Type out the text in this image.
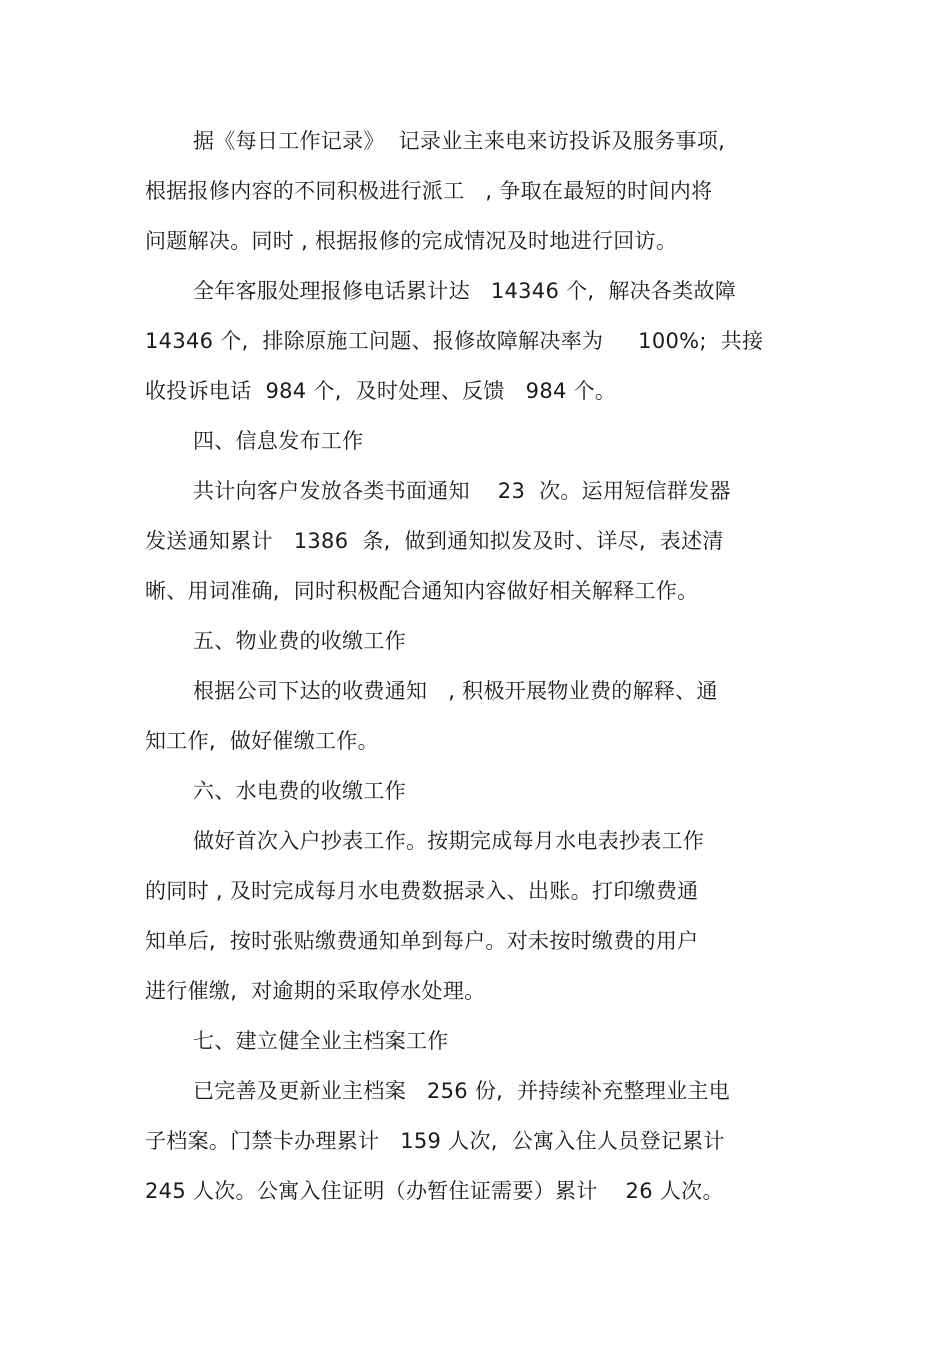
据《每日工作记录》  记录业主来电来访投诉及服务事项,
根据报修内容的不同积极进行派工   , 争取在最短的时间内将
问题解决。同时 , 根据报修的完成情况及时地进行回访。
全年客服处理报修电话累计达   14346 个,  解决各类故障
14346 个,  排除原施工问题、报修故障解决率为     100%;  共接
收投诉电话  984 个,  及时处理、反馈   984 个。
四、信息发布工作
共计向客户发放各类书面通知    23  次。运用短信群发器
发送通知累计   1386  条,  做到通知拟发及时、详尽,  表述清
晰、用词准确,  同时积极配合通知内容做好相关解释工作。
五、物业费的收缴工作
根据公司下达的收费通知   , 积极开展物业费的解释、通
知工作,  做好催缴工作。
六、水电费的收缴工作
做好首次入户抄表工作。按期完成每月水电表抄表工作
的同时 , 及时完成每月水电费数据录入、出账。打印缴费通
知单后,  按时张贴缴费通知单到每户。对未按时缴费的用户
进行催缴,  对逾期的采取停水处理。
七、建立健全业主档案工作
已完善及更新业主档案   256 份,  并持续补充整理业主电
子档案。门禁卡办理累计   159 人次,  公寓入住人员登记累计
245 人次。公寓入住证明（办暂住证需要）累计    26 人次。
